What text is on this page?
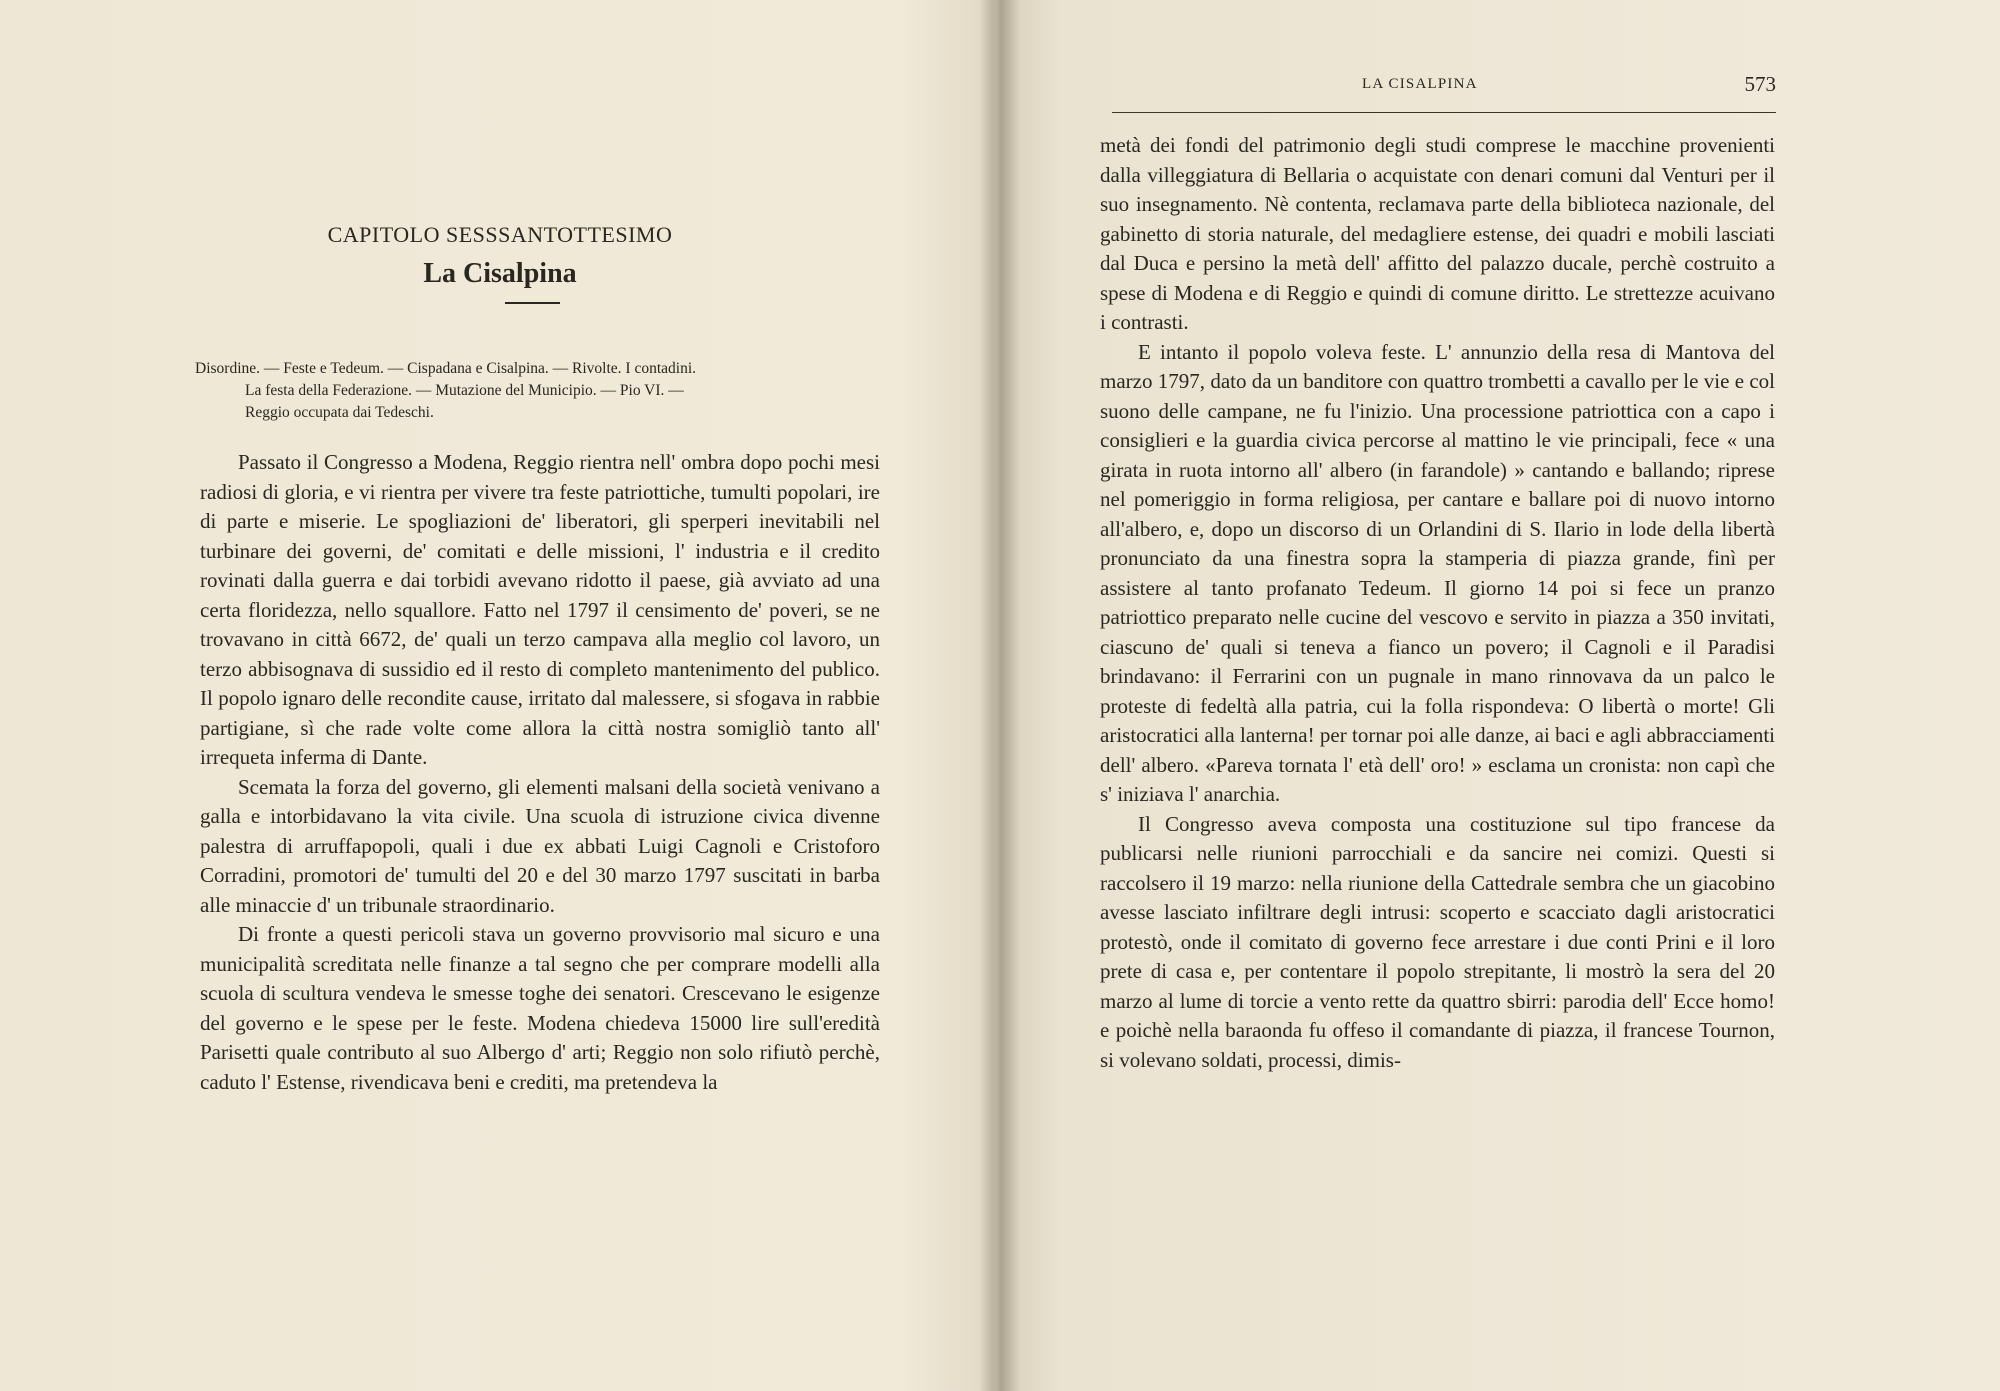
CAPITOLO SESSSANTOTTESIMO
La Cisalpina
Disordine. — Feste e Tedeum. — Cispadana e Cisalpina. — Rivolte. I contadini.
La festa della Federazione. — Mutazione del Municipio. — Pio VI. —
Reggio occupata dai Tedeschi.

Passato il Congresso a Modena, Reggio rientra nell' ombra dopo pochi mesi radiosi di gloria, e vi rientra per vivere tra feste patriottiche, tumulti popolari, ire di parte e miserie. Le spogliazioni de' liberatori, gli sperperi inevitabili nel turbinare dei governi, de' comitati e delle missioni, l' industria e il credito rovinati dalla guerra e dai torbidi avevano ridotto il paese, già avviato ad una certa floridezza, nello squallore. Fatto nel 1797 il censimento de' poveri, se ne trovavano in città 6672, de' quali un terzo campava alla meglio col lavoro, un terzo abbisognava di sussidio ed il resto di completo mantenimento del publico. Il popolo ignaro delle recondite cause, irritato dal malessere, si sfogava in rabbie partigiane, sì che rade volte come allora la città nostra somigliò tanto all' irrequeta inferma di Dante.

Scemata la forza del governo, gli elementi malsani della società venivano a galla e intorbidavano la vita civile. Una scuola di istruzione civica divenne palestra di arruffapopoli, quali i due ex abbati Luigi Cagnoli e Cristoforo Corradini, promotori de' tumulti del 20 e del 30 marzo 1797 suscitati in barba alle minaccie d' un tribunale straordinario.

Di fronte a questi pericoli stava un governo provvisorio mal sicuro e una municipalità screditata nelle finanze a tal segno che per comprare modelli alla scuola di scultura vendeva le smesse toghe dei senatori. Crescevano le esigenze del governo e le spese per le feste. Modena chiedeva 15000 lire sull'eredità Parisetti quale contributo al suo Albergo d' arti; Reggio non solo rifiutò perchè, caduto l' Estense, rivendicava beni e crediti, ma pretendeva la

LA CISALPINA	573

metà dei fondi del patrimonio degli studi comprese le macchine provenienti dalla villeggiatura di Bellaria o acquistate con denari comuni dal Venturi per il suo insegnamento. Nè contenta, reclamava parte della biblioteca nazionale, del gabinetto di storia naturale, del medagliere estense, dei quadri e mobili lasciati dal Duca e persino la metà dell' affitto del palazzo ducale, perchè costruito a spese di Modena e di Reggio e quindi di comune diritto. Le strettezze acuivano i contrasti.

E intanto il popolo voleva feste. L' annunzio della resa di Mantova del marzo 1797, dato da un banditore con quattro trombetti a cavallo per le vie e col suono delle campane, ne fu l'inizio. Una processione patriottica con a capo i consiglieri e la guardia civica percorse al mattino le vie principali, fece « una girata in ruota intorno all' albero (in farandole) » cantando e ballando; riprese nel pomeriggio in forma religiosa, per cantare e ballare poi di nuovo intorno all'albero, e, dopo un discorso di un Orlandini di S. Ilario in lode della libertà pronunciato da una finestra sopra la stamperia di piazza grande, finì per assistere al tanto profanato Tedeum. Il giorno 14 poi si fece un pranzo patriottico preparato nelle cucine del vescovo e servito in piazza a 350 invitati, ciascuno de' quali si teneva a fianco un povero; il Cagnoli e il Paradisi brindavano: il Ferrarini con un pugnale in mano rinnovava da un palco le proteste di fedeltà alla patria, cui la folla rispondeva: O libertà o morte! Gli aristocratici alla lanterna! per tornar poi alle danze, ai baci e agli abbracciamenti dell' albero. «Pareva tornata l' età dell' oro! » esclama un cronista: non capì che s' iniziava l' anarchia.

Il Congresso aveva composta una costituzione sul tipo francese da publicarsi nelle riunioni parrocchiali e da sancire nei comizi. Questi si raccolsero il 19 marzo: nella riunione della Cattedrale sembra che un giacobino avesse lasciato infiltrare degli intrusi: scoperto e scacciato dagli aristocratici protestò, onde il comitato di governo fece arrestare i due conti Prini e il loro prete di casa e, per contentare il popolo strepitante, li mostrò la sera del 20 marzo al lume di torcie a vento rette da quattro sbirri: parodia dell' Ecce homo! e poichè nella baraonda fu offeso il comandante di piazza, il francese Tournon, si volevano soldati, processi, dimis-
